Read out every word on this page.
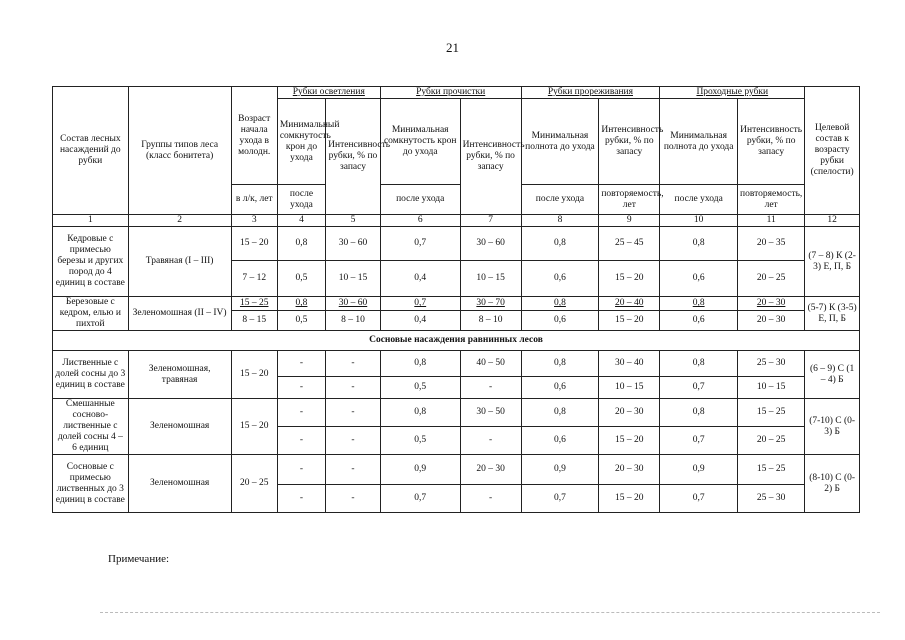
21
Состав лесных насаждений до рубки	Группы типов леса (класс бонитета)	Возраст начала ухода в молодн.	Рубки осветления		Рубки прочистки		Рубки прореживания		Проходные рубки		Целевой состав к возрасту рубки (спелости)
			Минимальный сомкнутость крон до ухода	Интенсивность рубки, % по запасу	Минимальная сомкнутость крон до ухода	Интенсивность рубки, % по запасу	Минимальная полнота до ухода	Интенсивность рубки, % по запасу	Минимальная полнота до ухода	Интенсивность рубки, % по запасу	
		в л/к, лет	после ухода		после ухода		после ухода	повторяемость, лет	после ухода	повторяемость, лет	
1	2	3	4	5	6	7	8	9	10	11	12
Кедровые с примесью березы и других пород до 4 единиц в составе	Травяная (I – III)	15 – 20	0,8	30 – 60	0,7	30 – 60	0,8	25 – 45	0,8	20 – 35	(7 – 8) К (2-3) Е, П, Б
		7 – 12	0,5	10 – 15	0,4	10 – 15	0,6	15 – 20	0,6	20 – 25	
Березовые с кедром, елью и пихтой	Зеленомошная (II – IV)	15 – 25	0,8	30 – 60	0,7	30 – 70	0,8	20 – 40	0,8	20 – 30	(5-7) К (3-5) Е, П, Б
		8 – 15	0,5	8 – 10	0,4	8 – 10	0,6	15 – 20	0,6	20 – 30	
Сосновые насаждения равнинных лесов											
Лиственные с долей сосны до 3 единиц в составе	Зеленомошная, травяная	15 – 20	-	-	0,8	40 – 50	0,8	30 – 40	0,8	25 – 30	(6 – 9) С (1 – 4) Б
			-	-	0,5	-	0,6	10 – 15	0,7	10 – 15	
Смешанные сосново-лиственные с долей сосны 4 – 6 единиц	Зеленомошная	15 – 20	-	-	0,8	30 – 50	0,8	20 – 30	0,8	15 – 25	(7-10) С (0-3) Б
			-	-	0,5	-	0,6	15 – 20	0,7	20 – 25	
Сосновые с примесью лиственных до 3 единиц в составе	Зеленомошная	20 – 25	-	-	0,9	20 – 30	0,9	20 – 30	0,9	15 – 25	(8-10) С (0-2) Б
			-	-	0,7	-	0,7	15 – 20	0,7	25 – 30	
Примечание:
